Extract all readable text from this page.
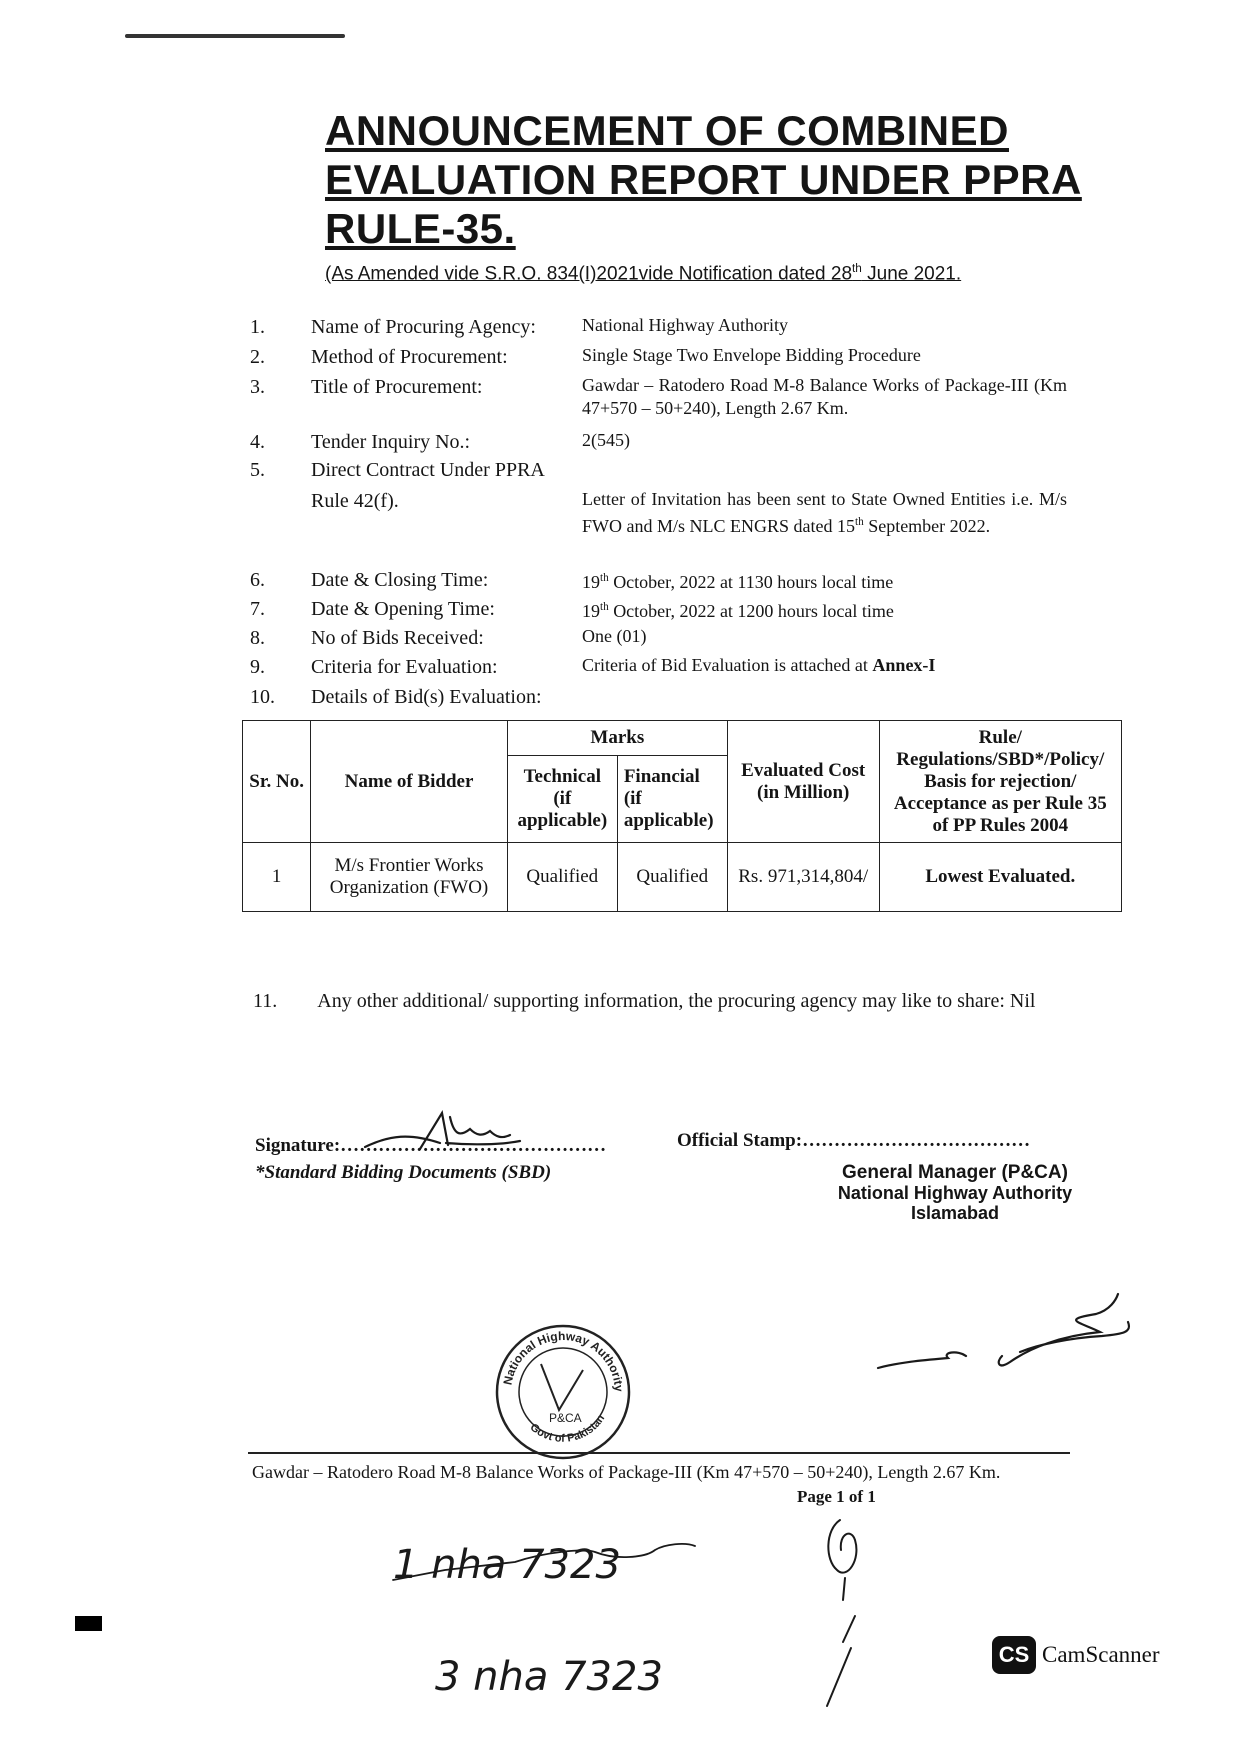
ANNOUNCEMENT OF COMBINED
EVALUATION REPORT UNDER PPRA
RULE-35.
(As Amended vide S.R.O. 834(I)2021vide Notification dated 28th June 2021.
1. Name of Procuring Agency:	National Highway Authority
2. Method of Procurement:	Single Stage Two Envelope Bidding Procedure
3. Title of Procurement:	Gawdar – Ratodero Road M-8 Balance Works of Package-III (Km 47+570 – 50+240), Length 2.67 Km.
4. Tender Inquiry No.:	2(545)
5. Direct Contract Under PPRA
Rule 42(f).	Letter of Invitation has been sent to State Owned Entities i.e. M/s FWO and M/s NLC ENGRS dated 15th September 2022.
6. Date & Closing Time:	19th October, 2022 at 1130 hours local time
7. Date & Opening Time:	19th October, 2022 at 1200 hours local time
8. No of Bids Received:	One (01)
9. Criteria for Evaluation:	Criteria of Bid Evaluation is attached at Annex-I
10. Details of Bid(s) Evaluation:
Sr. No.	Name of Bidder	Marks		Evaluated Cost (in Million)	Rule/ Regulations/SBD*/Policy/ Basis for rejection/ Acceptance as per Rule 35 of PP Rules 2004
		Technical (if applicable)	Financial (if applicable)		
1	M/s Frontier Works Organization (FWO)	Qualified	Qualified	Rs. 971,314,804/	Lowest Evaluated.
11. Any other additional/ supporting information, the procuring agency may like to share: Nil
Signature:……………………………………
*Standard Bidding Documents (SBD)
Official Stamp:………………………………
General Manager (P&CA)
National Highway Authority
Islamabad
National Highway Authority
Govt of Pakistan
P&CA
Gawdar – Ratodero Road M-8 Balance Works of Package-III (Km 47+570 – 50+240), Length 2.67 Km.
Page 1 of 1
1 nha 7323
3 nha 7323	CS CamScanner
